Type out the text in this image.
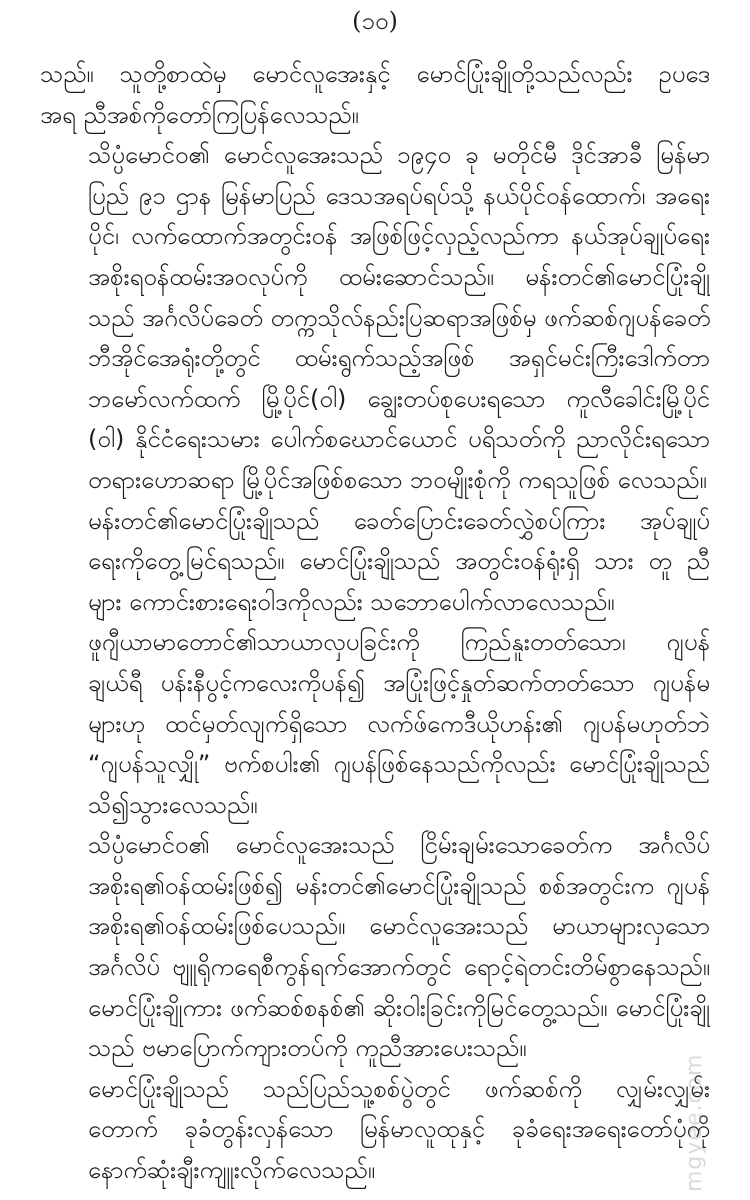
(၁၀)

သည်။ သူတို့စာထဲမှ မောင်လူအေးနှင့် မောင်ပြုံးချိုတို့သည်လည်း ဥပဒေ
အရ ညီအစ်ကိုတော်ကြပြန်လေသည်။

သိပ္ပံမောင်ဝ၏ မောင်လူအေးသည် ၁၉၄၀ ခု မတိုင်မီ ဒိုင်အာခီ မြန်မာ
ပြည် ၉၁ ဌာန မြန်မာပြည် ဒေသအရပ်ရပ်သို့ နယ်ပိုင်ဝန်ထောက်၊ အရေး
ပိုင်၊ လက်ထောက်အတွင်းဝန် အဖြစ်ဖြင့်လှည့်လည်ကာ နယ်အုပ်ချုပ်ရေး
အစိုးရဝန်ထမ်းအဝလုပ်ကို ထမ်းဆောင်သည်။ မန်းတင်၏မောင်ပြုံးချို
သည် အင်္ဂလိပ်ခေတ် တက္ကသိုလ်နည်းပြဆရာအဖြစ်မှ ဖက်ဆစ်ဂျပန်ခေတ်
ဘီအိုင်အေရုံးတို့တွင် ထမ်းရွက်သည့်အဖြစ် အရှင်မင်းကြီးဒေါက်တာ
ဘမော်လက်ထက် မြို့ပိုင်(ဝါ) ချွေးတပ်စုပေးရသော ကူလီခေါင်းမြို့ပိုင်
(ဝါ) နိုင်ငံရေးသမား ပေါက်စဃောင်ယောင် ပရိသတ်ကို ညာလိုင်းရသော
တရားဟောဆရာ မြို့ပိုင်အဖြစ်စသော ဘဝမျိုးစုံကို ကရသူဖြစ် လေသည်။

မန်းတင်၏မောင်ပြုံးချိုသည် ခေတ်ပြောင်းခေတ်လွှဲစပ်ကြား အုပ်ချုပ်
ရေးကိုတွေ့မြင်ရသည်။ မောင်ပြုံးချိုသည် အတွင်းဝန်ရုံးရှိ သား တူ ညီ
များ ကောင်းစားရေးဝါဒကိုလည်း သဘောပေါက်လာလေသည်။

ဖူဂျီယာမာတောင်၏သာယာလှပခြင်းကို ကြည်နူးတတ်သော၊ ဂျပန်
ချယ်ရီ ပန်းနီပွင့်ကလေးကိုပန်၍ အပြုံးဖြင့်နှုတ်ဆက်တတ်သော ဂျပန်မ
များဟု ထင်မှတ်လျက်ရှိသော လက်ဖ်ကေဒီယိုဟန်း၏ ဂျပန်မဟုတ်ဘဲ
“ဂျပန်သူလျှို” ဗက်စပါး၏ ဂျပန်ဖြစ်နေသည်ကိုလည်း မောင်ပြုံးချိုသည်
သိ၍သွားလေသည်။

သိပ္ပံမောင်ဝ၏ မောင်လူအေးသည် ငြိမ်းချမ်းသောခေတ်က အင်္ဂလိပ်
အစိုးရ၏ဝန်ထမ်းဖြစ်၍ မန်းတင်၏မောင်ပြုံးချိုသည် စစ်အတွင်းက ဂျပန်
အစိုးရ၏ဝန်ထမ်းဖြစ်ပေသည်။ မောင်လူအေးသည် မာယာများလှသော
အင်္ဂလိပ် ဗျူရိုကရေစီကွန်ရက်အောက်တွင် ရောင့်ရဲတင်းတိမ်စွာနေသည်။
မောင်ပြုံးချိုကား ဖက်ဆစ်စနစ်၏ ဆိုးဝါးခြင်းကိုမြင်တွေ့သည်။ မောင်ပြုံးချို
သည် ဗမာပြောက်ကျားတပ်ကို ကူညီအားပေးသည်။

မောင်ပြုံးချိုသည် သည်ပြည်သူ့စစ်ပွဲတွင် ဖက်ဆစ်ကို လျှမ်းလျှမ်း
တောက် ခုခံတွန်းလှန်သော မြန်မာလူထုနှင့် ခုခံရေးအရေးတော်ပုံကို
နောက်ဆုံးချီးကျူးလိုက်လေသည်။	mgyee.com
